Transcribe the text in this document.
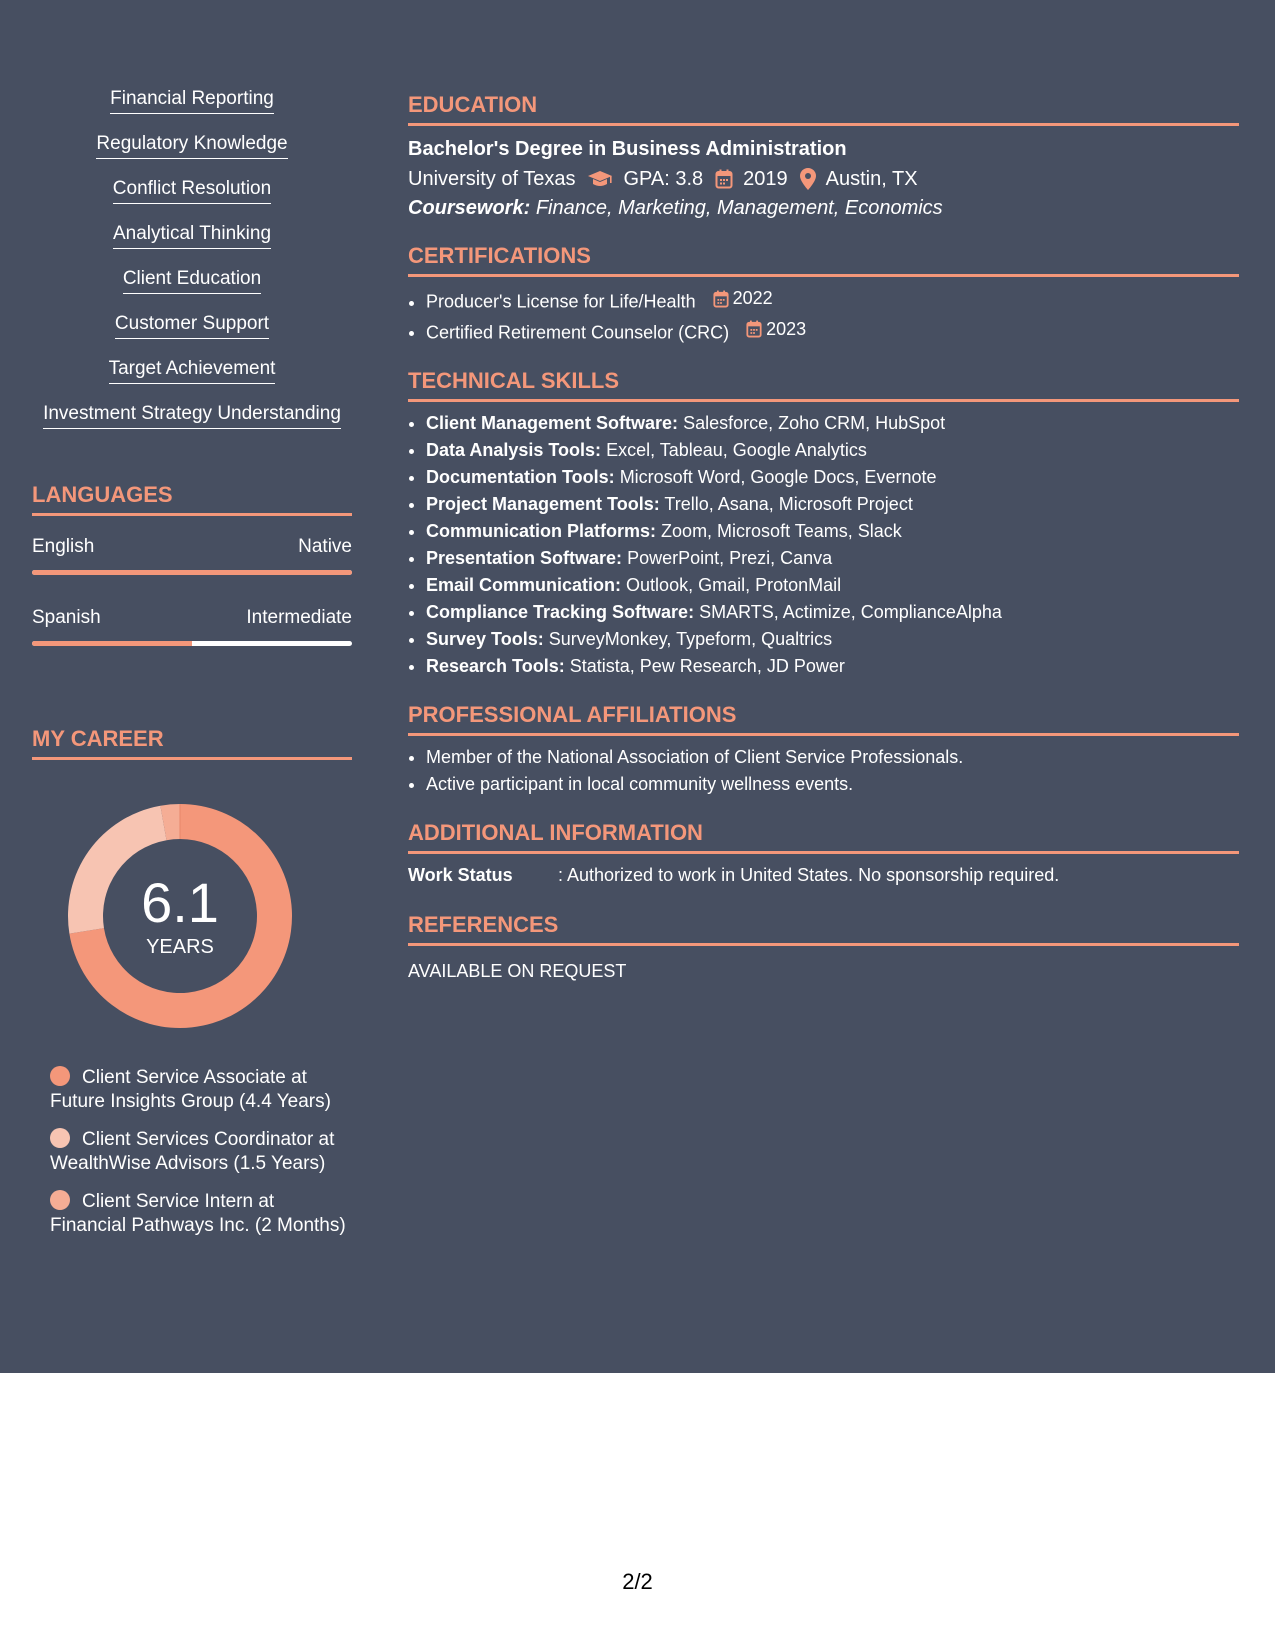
Financial Reporting
Regulatory Knowledge
Conflict Resolution
Analytical Thinking
Client Education
Customer Support
Target Achievement
Investment Strategy Understanding
LANGUAGES
English	Native
Spanish	Intermediate
MY CAREER
6.1
YEARS
Client Service Associate at Future Insights Group (4.4 Years)
Client Services Coordinator at WealthWise Advisors (1.5 Years)
Client Service Intern at Financial Pathways Inc. (2 Months)
EDUCATION
Bachelor's Degree in Business Administration
University of Texas GPA: 3.8 2019 Austin, TX
Coursework: Finance, Marketing, Management, Economics
CERTIFICATIONS
• Producer's License for Life/Health 2022
• Certified Retirement Counselor (CRC) 2023
TECHNICAL SKILLS
• Client Management Software: Salesforce, Zoho CRM, HubSpot
• Data Analysis Tools: Excel, Tableau, Google Analytics
• Documentation Tools: Microsoft Word, Google Docs, Evernote
• Project Management Tools: Trello, Asana, Microsoft Project
• Communication Platforms: Zoom, Microsoft Teams, Slack
• Presentation Software: PowerPoint, Prezi, Canva
• Email Communication: Outlook, Gmail, ProtonMail
• Compliance Tracking Software: SMARTS, Actimize, ComplianceAlpha
• Survey Tools: SurveyMonkey, Typeform, Qualtrics
• Research Tools: Statista, Pew Research, JD Power
PROFESSIONAL AFFILIATIONS
• Member of the National Association of Client Service Professionals.
• Active participant in local community wellness events.
ADDITIONAL INFORMATION
Work Status	: Authorized to work in United States. No sponsorship required.
REFERENCES
AVAILABLE ON REQUEST
2/2
